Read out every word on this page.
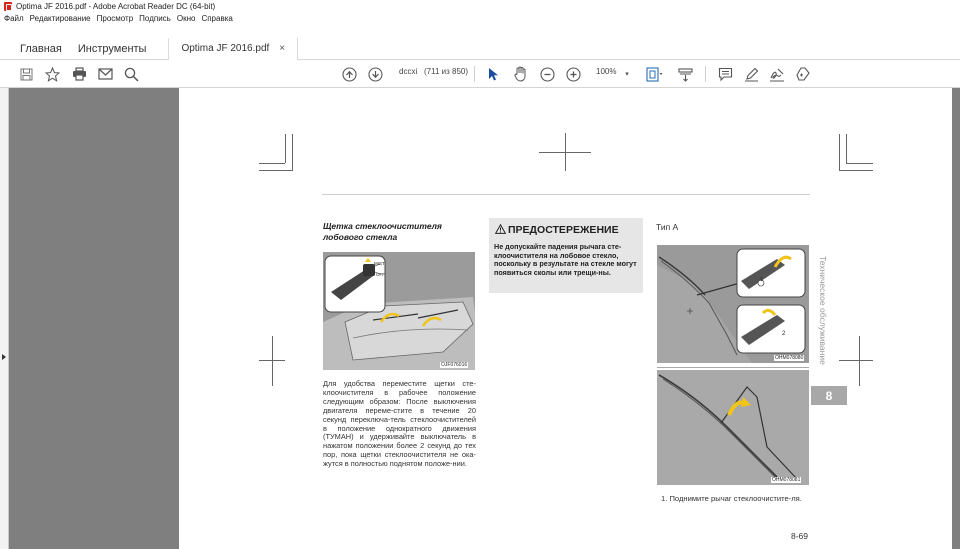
Optima JF 2016.pdf - Adobe Acrobat Reader DC (64-bit)
Файл Редактирование Просмотр Подпись Окно Справка
Главная	Инструменты	Optima JF 2016.pdf ×
dccxi (711 из 850)	100%	▾
Щетка стеклоочистителя лобового стекла
MIST
OFF
OJF076016
Для удобства переместите щетки сте-клоочистителя в рабочее положение следующим образом: После выключения двигателя переме-стите в течение 20 секунд переключа-тель стеклоочистителей в положение однократного движения (ТУМАН) и удерживайте выключатель в нажатом положении более 2 секунд до тех пор, пока щетки стеклоочистителя не ока-жутся в полностью поднятом положе-нии.
ПРЕДОСТЕРЕЖЕНИЕ
Не допускайте падения рычага сте-клоочистителя на лобовое стекло, поскольку в результате на стекле могут появиться сколы или трещи-ны.
Тип А
1
2
OHM078080
OHM078081
1. Поднимите рычаг стеклоочистите-ля.
Техническое обслуживание
8
8-69
